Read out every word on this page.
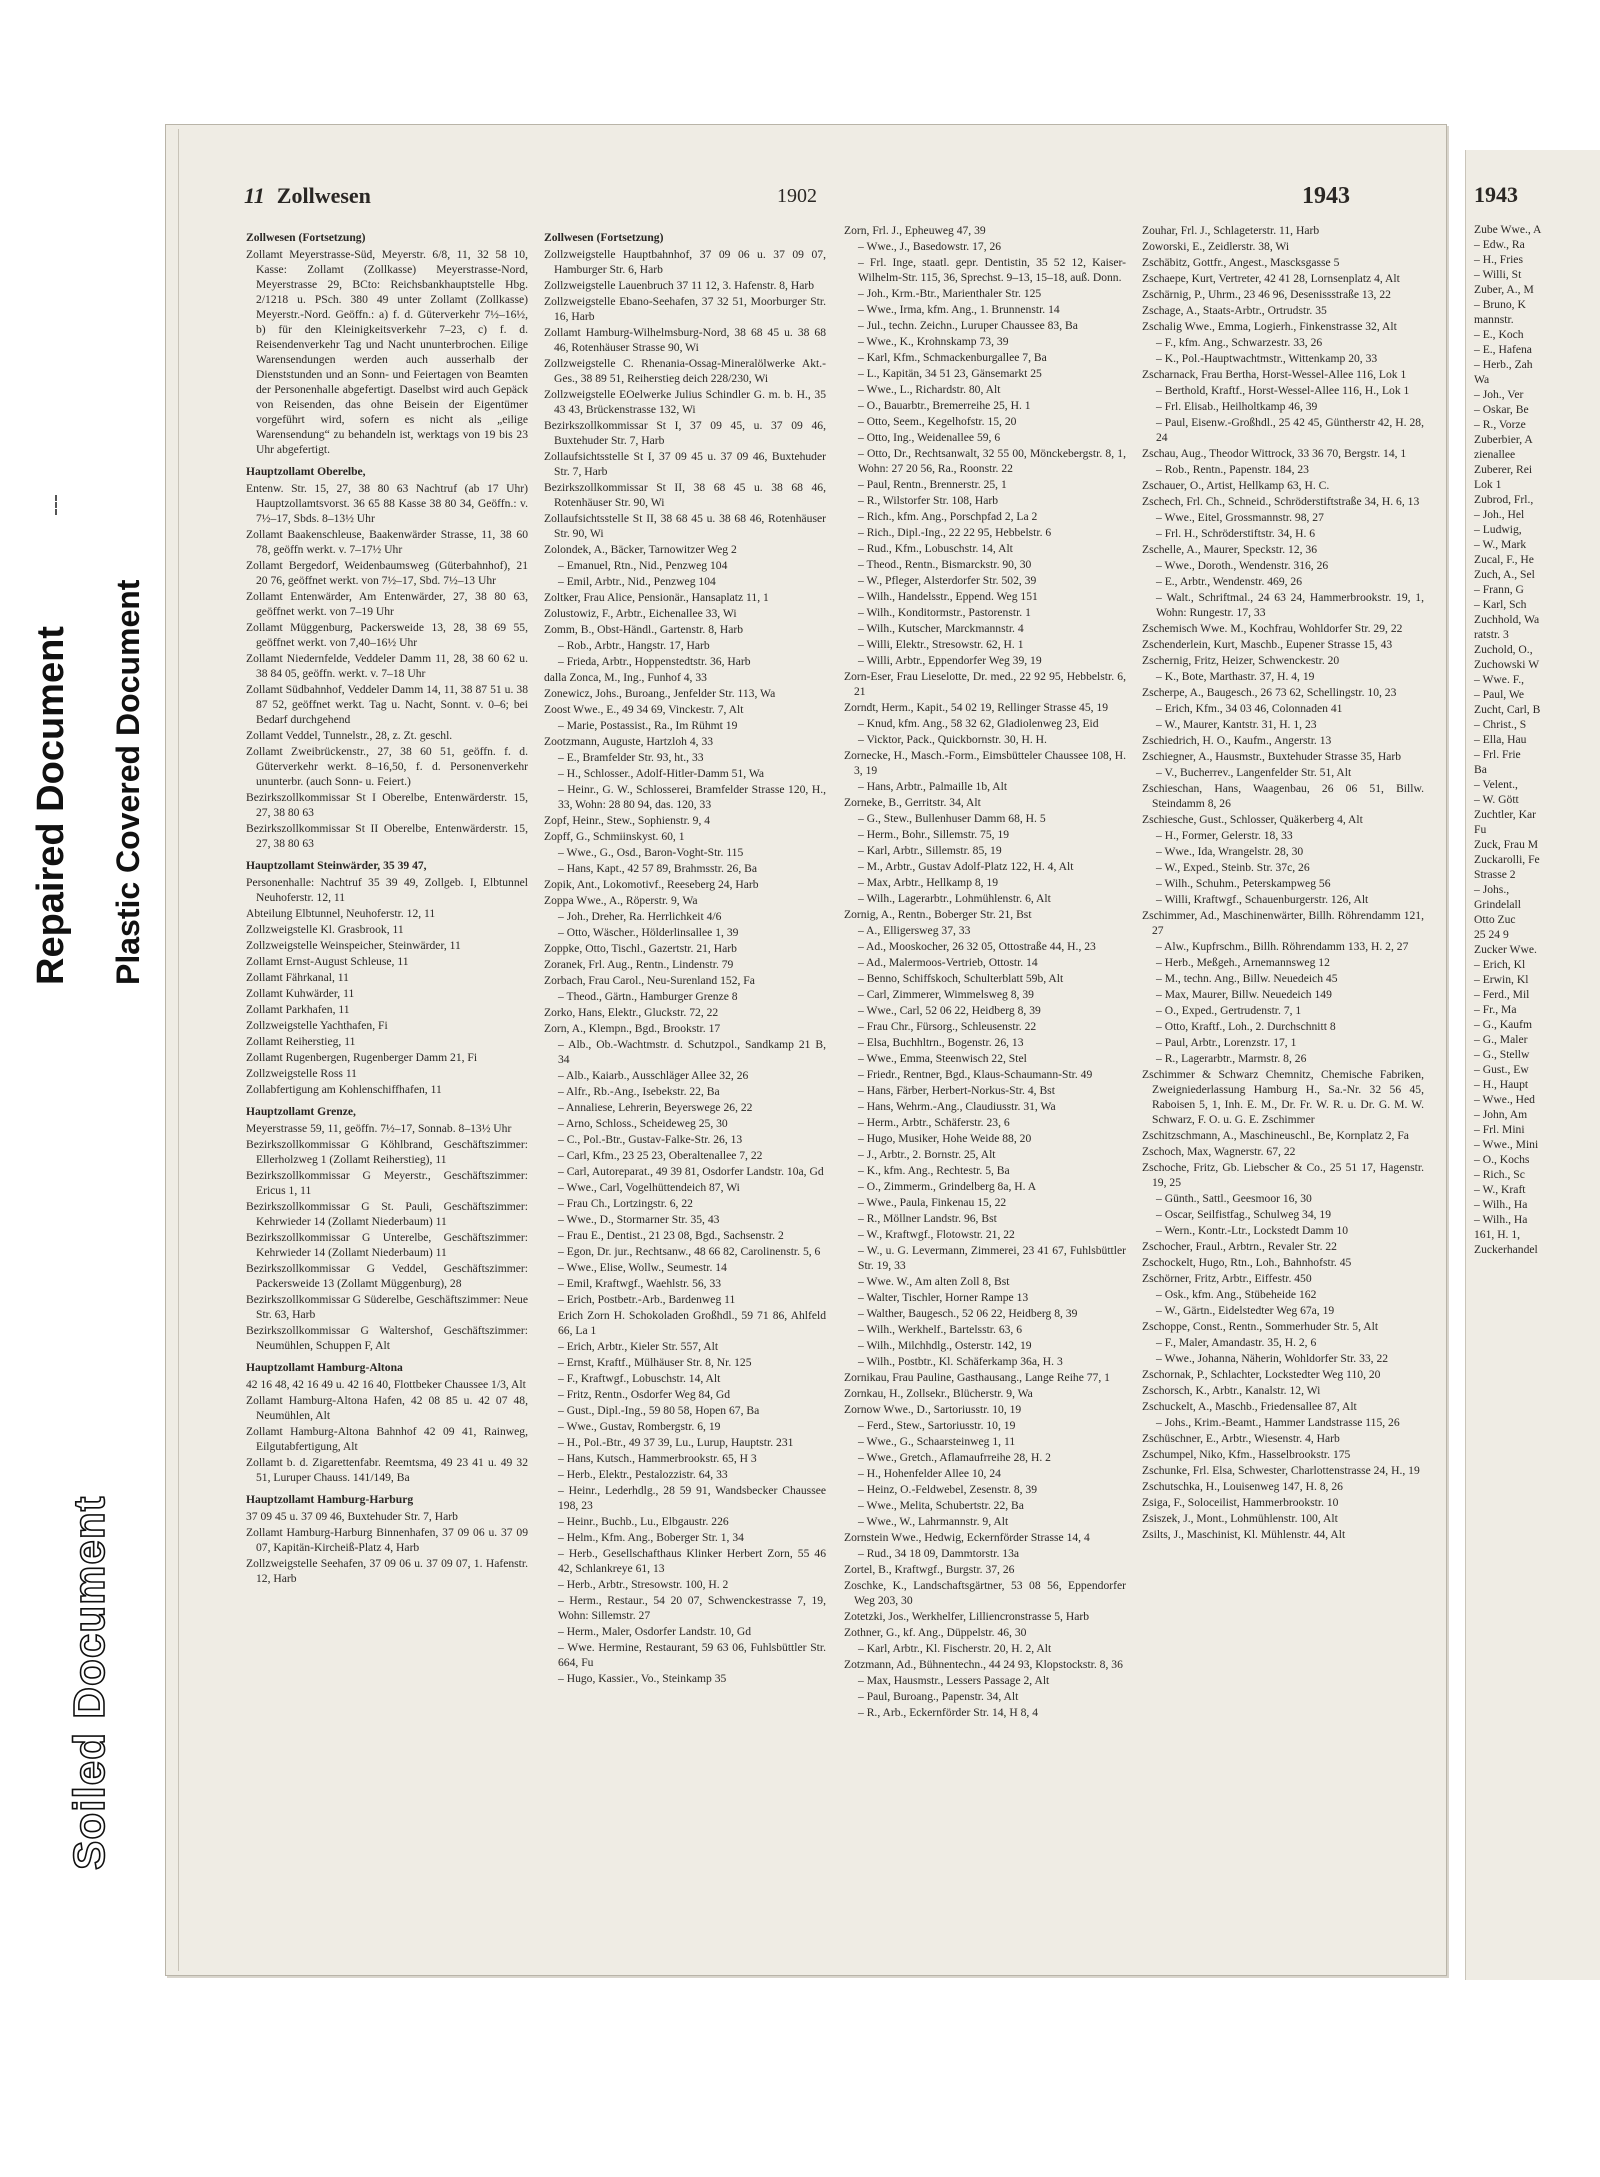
Repaired Document Plastic Covered Document
Soiled Document
11 Zollwesen	1902	1943
Zollwesen (Fortsetzung)
Zollamt Meyerstrasse-Süd, Meyerstr. 6/8, 11, 32 58 10, Kasse: Zollamt (Zollkasse) Meyerstrasse-Nord, Meyerstrasse 29, BCto: Reichsbankhauptstelle Hbg. 2/1218 u. PSch. 380 49 unter Zollamt (Zollkasse) Meyerstr.-Nord. Geöffn.: a) f. d. Güterverkehr 7½–16½, b) für den Kleinigkeitsverkehr 7–23, c) f. d. Reisendenverkehr Tag und Nacht ununterbrochen. Eilige Warensendungen werden auch ausserhalb der Dienststunden und an Sonn- und Feiertagen von Beamten der Personenhalle abgefertigt. Daselbst wird auch Gepäck von Reisenden, das ohne Beisein der Eigentümer vorgeführt wird, sofern es nicht als „eilige Warensendung“ zu behandeln ist, werktags von 19 bis 23 Uhr abgefertigt.
Hauptzollamt Oberelbe,
Entenw. Str. 15, 27, 38 80 63 Nachtruf (ab 17 Uhr) Hauptzollamtsvorst. 36 65 88 Kasse 38 80 34, Geöffn.: v. 7½–17, Sbds. 8–13½ Uhr
Zollamt Baakenschleuse, Baakenwärder Strasse, 11, 38 60 78, geöffn werkt. v. 7–17½ Uhr
Zollamt Bergedorf, Weidenbaumsweg (Güterbahnhof), 21 20 76, geöffnet werkt. von 7½–17, Sbd. 7½–13 Uhr
Zollamt Entenwärder, Am Entenwärder, 27, 38 80 63, geöffnet werkt. von 7–19 Uhr
Zollamt Müggenburg, Packersweide 13, 28, 38 69 55, geöffnet werkt. von 7,40–16½ Uhr
Zollamt Niedernfelde, Veddeler Damm 11, 28, 38 60 62 u. 38 84 05, geöffn. werkt. v. 7–18 Uhr
Zollamt Südbahnhof, Veddeler Damm 14, 11, 38 87 51 u. 38 87 52, geöffnet werkt. Tag u. Nacht, Sonnt. v. 0–6; bei Bedarf durchgehend
Zollamt Veddel, Tunnelstr., 28, z. Zt. geschl.
Zollamt Zweibrückenstr., 27, 38 60 51, geöffn. f. d. Güterverkehr werkt. 8–16,50, f. d. Personenverkehr ununterbr. (auch Sonn- u. Feiert.)
Bezirkszollkommissar St I Oberelbe, Entenwärderstr. 15, 27, 38 80 63
Bezirkszollkommissar St II Oberelbe, Entenwärderstr. 15, 27, 38 80 63
Hauptzollamt Steinwärder, 35 39 47,
Personenhalle: Nachtruf 35 39 49, Zollgeb. I, Elbtunnel Neuhoferstr. 12, 11
Abteilung Elbtunnel, Neuhoferstr. 12, 11
Zollzweigstelle Kl. Grasbrook, 11
Zollzweigstelle Weinspeicher, Steinwärder, 11
Zollamt Ernst-August Schleuse, 11
Zollamt Fährkanal, 11
Zollamt Kuhwärder, 11
Zollamt Parkhafen, 11
Zollzweigstelle Yachthafen, Fi
Zollamt Reiherstieg, 11
Zollamt Rugenbergen, Rugenberger Damm 21, Fi
Zollzweigstelle Ross 11
Zollabfertigung am Kohlenschiffhafen, 11
Hauptzollamt Grenze,
Meyerstrasse 59, 11, geöffn. 7½–17, Sonnab. 8–13½ Uhr
Bezirkszollkommissar G Köhlbrand, Geschäftszimmer: Ellerholzweg 1 (Zollamt Reiherstieg), 11
Bezirkszollkommissar G Meyerstr., Geschäftszimmer: Ericus 1, 11
Bezirkszollkommissar G St. Pauli, Geschäftszimmer: Kehrwieder 14 (Zollamt Niederbaum) 11
Bezirkszollkommissar G Unterelbe, Geschäftszimmer: Kehrwieder 14 (Zollamt Niederbaum) 11
Bezirkszollkommissar G Veddel, Geschäftszimmer: Packersweide 13 (Zollamt Müggenburg), 28
Bezirkszollkommissar G Süderelbe, Geschäftszimmer: Neue Str. 63, Harb
Bezirkszollkommissar G Waltershof, Geschäftszimmer: Neumühlen, Schuppen F, Alt
Hauptzollamt Hamburg-Altona
42 16 48, 42 16 49 u. 42 16 40, Flottbeker Chaussee 1/3, Alt
Zollamt Hamburg-Altona Hafen, 42 08 85 u. 42 07 48, Neumühlen, Alt
Zollamt Hamburg-Altona Bahnhof 42 09 41, Rainweg, Eilgutabfertigung, Alt
Zollamt b. d. Zigarettenfabr. Reemtsma, 49 23 41 u. 49 32 51, Luruper Chauss. 141/149, Ba
Hauptzollamt Hamburg-Harburg
37 09 45 u. 37 09 46, Buxtehuder Str. 7, Harb
Zollamt Hamburg-Harburg Binnenhafen, 37 09 06 u. 37 09 07, Kapitän-Kircheiß-Platz 4, Harb
Zollzweigstelle Seehafen, 37 09 06 u. 37 09 07, 1. Hafenstr. 12, Harb
Zollwesen (Fortsetzung)
Zollzweigstelle Hauptbahnhof, 37 09 06 u. 37 09 07, Hamburger Str. 6, Harb
Zollzweigstelle Lauenbruch 37 11 12, 3. Hafenstr. 8, Harb
Zollzweigstelle Ebano-Seehafen, 37 32 51, Moorburger Str. 16, Harb
Zollamt Hamburg-Wilhelmsburg-Nord, 38 68 45 u. 38 68 46, Rotenhäuser Strasse 90, Wi
Zollzweigstelle C. Rhenania-Ossag-Mineralölwerke Akt.-Ges., 38 89 51, Reiherstieg deich 228/230, Wi
Zollzweigstelle EOelwerke Julius Schindler G. m. b. H., 35 43 43, Brückenstrasse 132, Wi
Bezirkszollkommissar St I, 37 09 45, u. 37 09 46, Buxtehuder Str. 7, Harb
Zollaufsichtsstelle St I, 37 09 45 u. 37 09 46, Buxtehuder Str. 7, Harb
Bezirkszollkommissar St II, 38 68 45 u. 38 68 46, Rotenhäuser Str. 90, Wi
Zollaufsichtsstelle St II, 38 68 45 u. 38 68 46, Rotenhäuser Str. 90, Wi
Zolondek, A., Bäcker, Tarnowitzer Weg 2
– Emanuel, Rtn., Nid., Penzweg 104
– Emil, Arbtr., Nid., Penzweg 104
Zoltker, Frau Alice, Pensionär., Hansaplatz 11, 1
Zolustowiz, F., Arbtr., Eichenallee 33, Wi
Zomm, B., Obst-Händl., Gartenstr. 8, Harb
– Rob., Arbtr., Hangstr. 17, Harb
– Frieda, Arbtr., Hoppenstedtstr. 36, Harb
dalla Zonca, M., Ing., Funhof 4, 33
Zonewicz, Johs., Buroang., Jenfelder Str. 113, Wa
Zoost Wwe., E., 49 34 69, Vinckestr. 7, Alt
– Marie, Postassist., Ra., Im Rühmt 19
Zootzmann, Auguste, Hartzloh 4, 33
– E., Bramfelder Str. 93, ht., 33
– H., Schlosser., Adolf-Hitler-Damm 51, Wa
– Heinr., G. W., Schlosserei, Bramfelder Strasse 120, H., 33, Wohn: 28 80 94, das. 120, 33
Zopf, Heinr., Stew., Sophienstr. 9, 4
Zopff, G., Schmiinskyst. 60, 1
– Wwe., G., Osd., Baron-Voght-Str. 115
– Hans, Kapt., 42 57 89, Brahmsstr. 26, Ba
Zopik, Ant., Lokomotivf., Reeseberg 24, Harb
Zoppa Wwe., A., Röperstr. 9, Wa
– Joh., Dreher, Ra. Herrlichkeit 4/6
– Otto, Wäscher., Hölderlinsallee 1, 39
Zoppke, Otto, Tischl., Gazertstr. 21, Harb
Zoranek, Frl. Aug., Rentn., Lindenstr. 79
Zorbach, Frau Carol., Neu-Surenland 152, Fa
– Theod., Gärtn., Hamburger Grenze 8
Zorko, Hans, Elektr., Gluckstr. 72, 22
Zorn, A., Klempn., Bgd., Brookstr. 17
– Alb., Ob.-Wachtmstr. d. Schutzpol., Sandkamp 21 B, 34
– Alb., Kaiarb., Ausschläger Allee 32, 26
– Alfr., Rb.-Ang., Isebekstr. 22, Ba
– Annaliese, Lehrerin, Beyerswege 26, 22
– Arno, Schloss., Scheideweg 25, 30
– C., Pol.-Btr., Gustav-Falke-Str. 26, 13
– Carl, Kfm., 23 25 23, Oberaltenallee 7, 22
– Carl, Autoreparat., 49 39 81, Osdorfer Landstr. 10a, Gd
– Wwe., Carl, Vogelhüttendeich 87, Wi
– Frau Ch., Lortzingstr. 6, 22
– Wwe., D., Stormarner Str. 35, 43
– Frau E., Dentist., 21 23 08, Bgd., Sachsenstr. 2
– Egon, Dr. jur., Rechtsanw., 48 66 82, Carolinenstr. 5, 6
– Wwe., Elise, Wollw., Seumestr. 14
– Emil, Kraftwgf., Waehlstr. 56, 33
– Erich, Postbetr.-Arb., Bardenweg 11
Erich Zorn H. Schokoladen Großhdl., 59 71 86, Ahlfeld 66, La 1
– Erich, Arbtr., Kieler Str. 557, Alt
– Ernst, Kraftf., Mülhäuser Str. 8, Nr. 125
– F., Kraftwgf., Lobuschstr. 14, Alt
– Fritz, Rentn., Osdorfer Weg 84, Gd
– Gust., Dipl.-Ing., 59 80 58, Hopen 67, Ba
– Wwe., Gustav, Rombergstr. 6, 19
– H., Pol.-Btr., 49 37 39, Lu., Lurup, Hauptstr. 231
– Hans, Kutsch., Hammerbrookstr. 65, H 3
– Herb., Elektr., Pestalozzistr. 64, 33
– Heinr., Lederhdlg., 28 59 91, Wandsbecker Chaussee 198, 23
– Heinr., Buchb., Lu., Elbgaustr. 226
– Helm., Kfm. Ang., Boberger Str. 1, 34
– Herb., Gesellschafthaus Klinker Herbert Zorn, 55 46 42, Schlankreye 61, 13
– Herb., Arbtr., Stresowstr. 100, H. 2
– Herm., Restaur., 54 20 07, Schwenckestrasse 7, 19, Wohn: Sillemstr. 27
– Herm., Maler, Osdorfer Landstr. 10, Gd
– Wwe. Hermine, Restaurant, 59 63 06, Fuhlsbüttler Str. 664, Fu
– Hugo, Kassier., Vo., Steinkamp 35
Zorn, Frl. J., Epheuweg 47, 39
– Wwe., J., Basedowstr. 17, 26
– Frl. Inge, staatl. gepr. Dentistin, 35 52 12, Kaiser-Wilhelm-Str. 115, 36, Sprechst. 9–13, 15–18, auß. Donn.
– Joh., Krm.-Btr., Marienthaler Str. 125
– Wwe., Irma, kfm. Ang., 1. Brunnenstr. 14
– Jul., techn. Zeichn., Luruper Chaussee 83, Ba
– Wwe., K., Krohnskamp 73, 39
– Karl, Kfm., Schmackenburgallee 7, Ba
– L., Kapitän, 34 51 23, Gänsemarkt 25
– Wwe., L., Richardstr. 80, Alt
– O., Bauarbtr., Bremerreihe 25, H. 1
– Otto, Seem., Kegelhofstr. 15, 20
– Otto, Ing., Weidenallee 59, 6
– Otto, Dr., Rechtsanwalt, 32 55 00, Mönckebergstr. 8, 1, Wohn: 27 20 56, Ra., Roonstr. 22
– Paul, Rentn., Brennerstr. 25, 1
– R., Wilstorfer Str. 108, Harb
– Rich., kfm. Ang., Porschpfad 2, La 2
– Rich., Dipl.-Ing., 22 22 95, Hebbelstr. 6
– Rud., Kfm., Lobuschstr. 14, Alt
– Theod., Rentn., Bismarckstr. 90, 30
– W., Pfleger, Alsterdorfer Str. 502, 39
– Wilh., Handelsstr., Eppend. Weg 151
– Wilh., Konditormstr., Pastorenstr. 1
– Wilh., Kutscher, Marckmannstr. 4
– Willi, Elektr., Stresowstr. 62, H. 1
– Willi, Arbtr., Eppendorfer Weg 39, 19
Zorn-Eser, Frau Lieselotte, Dr. med., 22 92 95, Hebbelstr. 6, 21
Zorndt, Herm., Kapit., 54 02 19, Rellinger Strasse 45, 19
– Knud, kfm. Ang., 58 32 62, Gladiolenweg 23, Eid
– Vicktor, Pack., Quickbornstr. 30, H. H.
Zornecke, H., Masch.-Form., Eimsbütteler Chaussee 108, H. 3, 19
– Hans, Arbtr., Palmaille 1b, Alt
Zorneke, B., Gerritstr. 34, Alt
– G., Stew., Bullenhuser Damm 68, H. 5
– Herm., Bohr., Sillemstr. 75, 19
– Karl, Arbtr., Sillemstr. 85, 19
– M., Arbtr., Gustav Adolf-Platz 122, H. 4, Alt
– Max, Arbtr., Hellkamp 8, 19
– Wilh., Lagerarbtr., Lohmühlenstr. 6, Alt
Zornig, A., Rentn., Boberger Str. 21, Bst
– A., Elligersweg 37, 33
– Ad., Mooskocher, 26 32 05, Ottostraße 44, H., 23
– Ad., Malermoos-Vertrieb, Ottostr. 14
– Benno, Schiffskoch, Schulterblatt 59b, Alt
– Carl, Zimmerer, Wimmelsweg 8, 39
– Wwe., Carl, 52 06 22, Heidberg 8, 39
– Frau Chr., Fürsorg., Schleusenstr. 22
– Elsa, Buchhltrn., Bogenstr. 26, 13
– Wwe., Emma, Steenwisch 22, Stel
– Friedr., Rentner, Bgd., Klaus-Schaumann-Str. 49
– Hans, Färber, Herbert-Norkus-Str. 4, Bst
– Hans, Wehrm.-Ang., Claudiusstr. 31, Wa
– Herm., Arbtr., Schäferstr. 23, 6
– Hugo, Musiker, Hohe Weide 88, 20
– J., Arbtr., 2. Bornstr. 25, Alt
– K., kfm. Ang., Rechtestr. 5, Ba
– O., Zimmerm., Grindelberg 8a, H. A
– Wwe., Paula, Finkenau 15, 22
– R., Möllner Landstr. 96, Bst
– W., Kraftwgf., Flotowstr. 21, 22
– W., u. G. Levermann, Zimmerei, 23 41 67, Fuhlsbüttler Str. 19, 33
– Wwe. W., Am alten Zoll 8, Bst
– Walter, Tischler, Horner Rampe 13
– Walther, Baugesch., 52 06 22, Heidberg 8, 39
– Wilh., Werkhelf., Bartelsstr. 63, 6
– Wilh., Milchhdlg., Osterstr. 142, 19
– Wilh., Postbtr., Kl. Schäferkamp 36a, H. 3
Zornikau, Frau Pauline, Gasthausang., Lange Reihe 77, 1
Zornkau, H., Zollsekr., Blücherstr. 9, Wa
Zornow Wwe., D., Sartoriusstr. 10, 19
– Ferd., Stew., Sartoriusstr. 10, 19
– Wwe., G., Schaarsteinweg 1, 11
– Wwe., Gretch., Aflamaufrreihe 28, H. 2
– H., Hohenfelder Allee 10, 24
– Heinz, O.-Feldwebel, Zesenstr. 8, 39
– Wwe., Melita, Schubertstr. 22, Ba
– Wwe., W., Lahrmannstr. 9, Alt
Zornstein Wwe., Hedwig, Eckernförder Strasse 14, 4
– Rud., 34 18 09, Dammtorstr. 13a
Zortel, B., Kraftwgf., Burgstr. 37, 26
Zoschke, K., Landschaftsgärtner, 53 08 56, Eppendorfer Weg 203, 30
Zotetzki, Jos., Werkhelfer, Lilliencronstrasse 5, Harb
Zothner, G., kf. Ang., Düppelstr. 46, 30
– Karl, Arbtr., Kl. Fischerstr. 20, H. 2, Alt
Zotzmann, Ad., Bühnentechn., 44 24 93, Klopstockstr. 8, 36
– Max, Hausmstr., Lessers Passage 2, Alt
– Paul, Buroang., Papenstr. 34, Alt
– R., Arb., Eckernförder Str. 14, H 8, 4
Zouhar, Frl. J., Schlageterstr. 11, Harb
Zoworski, E., Zeidlerstr. 38, Wi
Zschäbitz, Gottfr., Angest., Mascksgasse 5
Zschaepe, Kurt, Vertreter, 42 41 28, Lornsenplatz 4, Alt
Zschärnig, P., Uhrm., 23 46 96, Desenissstraße 13, 22
Zschage, A., Staats-Arbtr., Ortrudstr. 35
Zschalig Wwe., Emma, Logierh., Finkenstrasse 32, Alt
– F., kfm. Ang., Schwarzestr. 33, 26
– K., Pol.-Hauptwachtmstr., Wittenkamp 20, 33
Zscharnack, Frau Bertha, Horst-Wessel-Allee 116, Lok 1
– Berthold, Kraftf., Horst-Wessel-Allee 116, H., Lok 1
– Frl. Elisab., Heilholtkamp 46, 39
– Paul, Eisenw.-Großhdl., 25 42 45, Güntherstr 42, H. 28, 24
Zschau, Aug., Theodor Wittrock, 33 36 70, Bergstr. 14, 1
– Rob., Rentn., Papenstr. 184, 23
Zschauer, O., Artist, Hellkamp 63, H. C.
Zschech, Frl. Ch., Schneid., Schröderstiftstraße 34, H. 6, 13
– Wwe., Eitel, Grossmannstr. 98, 27
– Frl. H., Schröderstiftstr. 34, H. 6
Zschelle, A., Maurer, Speckstr. 12, 36
– Wwe., Doroth., Wendenstr. 316, 26
– E., Arbtr., Wendenstr. 469, 26
– Walt., Schriftmal., 24 63 24, Hammerbrookstr. 19, 1, Wohn: Rungestr. 17, 33
Zschemisch Wwe. M., Kochfrau, Wohldorfer Str. 29, 22
Zschenderlein, Kurt, Maschb., Eupener Strasse 15, 43
Zschernig, Fritz, Heizer, Schwenckestr. 20
– K., Bote, Marthastr. 37, H. 4, 19
Zscherpe, A., Baugesch., 26 73 62, Schellingstr. 10, 23
– Erich, Kfm., 34 03 46, Colonnaden 41
– W., Maurer, Kantstr. 31, H. 1, 23
Zschiedrich, H. O., Kaufm., Angerstr. 13
Zschiegner, A., Hausmstr., Buxtehuder Strasse 35, Harb
– V., Bucherrev., Langenfelder Str. 51, Alt
Zschieschan, Hans, Waagenbau, 26 06 51, Billw. Steindamm 8, 26
Zschiesche, Gust., Schlosser, Quäkerberg 4, Alt
– H., Former, Gelerstr. 18, 33
– Wwe., Ida, Wrangelstr. 28, 30
– W., Exped., Steinb. Str. 37c, 26
– Wilh., Schuhm., Peterskampweg 56
– Willi, Kraftwgf., Schauenburgerstr. 126, Alt
Zschimmer, Ad., Maschinenwärter, Billh. Röhrendamm 121, 27
– Alw., Kupfrschm., Billh. Röhrendamm 133, H. 2, 27
– Herb., Meßgeh., Arnemannsweg 12
– M., techn. Ang., Billw. Neuedeich 45
– Max, Maurer, Billw. Neuedeich 149
– O., Exped., Gertrudenstr. 7, 1
– Otto, Kraftf., Loh., 2. Durchschnitt 8
– Paul, Arbtr., Lorenzstr. 17, 1
– R., Lagerarbtr., Marmstr. 8, 26
Zschimmer & Schwarz Chemnitz, Chemische Fabriken, Zweigniederlassung Hamburg H., Sa.-Nr. 32 56 45, Raboisen 5, 1, Inh. E. M., Dr. Fr. W. R. u. Dr. G. M. W. Schwarz, F. O. u. G. E. Zschimmer
Zschitzschmann, A., Maschineuschl., Be, Kornplatz 2, Fa
Zschoch, Max, Wagnerstr. 67, 22
Zschoche, Fritz, Gb. Liebscher & Co., 25 51 17, Hagenstr. 19, 25
– Günth., Sattl., Geesmoor 16, 30
– Oscar, Seilfistfag., Schulweg 34, 19
– Wern., Kontr.-Ltr., Lockstedt Damm 10
Zschocher, Fraul., Arbtrn., Revaler Str. 22
Zschockelt, Hugo, Rtn., Loh., Bahnhofstr. 45
Zschörner, Fritz, Arbtr., Eiffestr. 450
– Osk., kfm. Ang., Stübeheide 162
– W., Gärtn., Eidelstedter Weg 67a, 19
Zschoppe, Const., Rentn., Sommerhuder Str. 5, Alt
– F., Maler, Amandastr. 35, H. 2, 6
– Wwe., Johanna, Näherin, Wohldorfer Str. 33, 22
Zschornak, P., Schlachter, Lockstedter Weg 110, 20
Zschorsch, K., Arbtr., Kanalstr. 12, Wi
Zschuckelt, A., Maschb., Friedensallee 87, Alt
– Johs., Krim.-Beamt., Hammer Landstrasse 115, 26
Zschüschner, E., Arbtr., Wiesenstr. 4, Harb
Zschumpel, Niko, Kfm., Hasselbrookstr. 175
Zschunke, Frl. Elsa, Schwester, Charlottenstrasse 24, H., 19
Zschutschka, H., Louisenweg 147, H. 8, 26
Zsiga, F., Soloceilist, Hammerbrookstr. 10
Zsiszek, J., Mont., Lohmühlenstr. 100, Alt
Zsilts, J., Maschinist, Kl. Mühlenstr. 44, Alt
1943
Zube Wwe., A
– Edw., Ra
– H., Fries
– Willi, St
Zuber, A., M
– Bruno, K
mannstr.
– E., Koch
– E., Hafena
– Herb., Zah
Wa
– Joh., Ver
– Oskar, Be
– R., Vorze
Zuberbier, A
zienallee
Zuberer, Rei
Lok 1
Zubrod, Frl.,
– Joh., Hel
– Ludwig,
– W., Mark
Zucal, F., He
Zuch, A., Sel
– Frann, G
– Karl, Sch
Zuchhold, Wa
ratstr. 3
Zuchold, O.,
Zuchowski W
– Wwe. F.,
– Paul, We
Zucht, Carl, B
– Christ., S
– Ella, Hau
– Frl. Frie
Ba
– Velent.,
– W. Gött
Zuchtler, Kar
Fu
Zuck, Frau M
Zuckarolli, Fe
Strasse 2
– Johs.,
Grindelall
Otto Zuc
25 24 9
Zucker Wwe.
– Erich, Kl
– Erwin, Kl
– Ferd., Mil
– Fr., Ma
– G., Kaufm
– G., Maler
– G., Stellw
– Gust., Ew
– H., Haupt
– Wwe., Hed
– John, Am
– Frl. Mini
– Wwe., Mini
– O., Kochs
– Rich., Sc
– W., Kraft
– Wilh., Ha
– Wilh., Ha
161, H. 1,
Zuckerhandel
